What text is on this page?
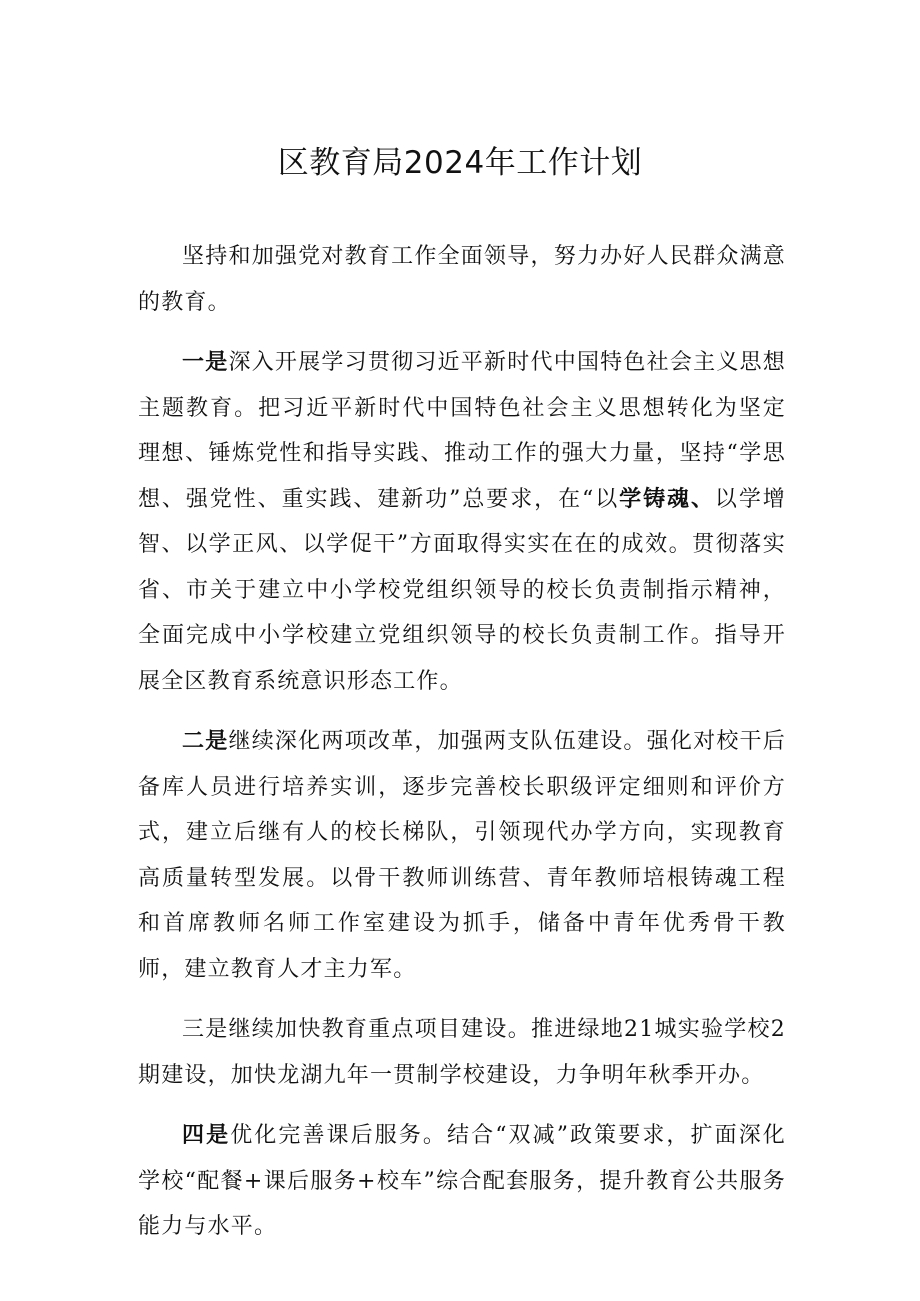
区教育局2024年工作计划

坚持和加强党对教育工作全面领导，努力办好人民群众满意的教育。

一是深入开展学习贯彻习近平新时代中国特色社会主义思想主题教育。把习近平新时代中国特色社会主义思想转化为坚定理想、锤炼党性和指导实践、推动工作的强大力量，坚持“学思想、强党性、重实践、建新功”总要求，在“以学铸魂、以学增智、以学正风、以学促干”方面取得实实在在的成效。贯彻落实省、市关于建立中小学校党组织领导的校长负责制指示精神，全面完成中小学校建立党组织领导的校长负责制工作。指导开展全区教育系统意识形态工作。

二是继续深化两项改革，加强两支队伍建设。强化对校干后备库人员进行培养实训，逐步完善校长职级评定细则和评价方式，建立后继有人的校长梯队，引领现代办学方向，实现教育高质量转型发展。以骨干教师训练营、青年教师培根铸魂工程和首席教师名师工作室建设为抓手，储备中青年优秀骨干教师，建立教育人才主力军。

三是继续加快教育重点项目建设。推进绿地21城实验学校2期建设，加快龙湖九年一贯制学校建设，力争明年秋季开办。

四是优化完善课后服务。结合“双减”政策要求，扩面深化学校“配餐+课后服务+校车”综合配套服务，提升教育公共服务能力与水平。
